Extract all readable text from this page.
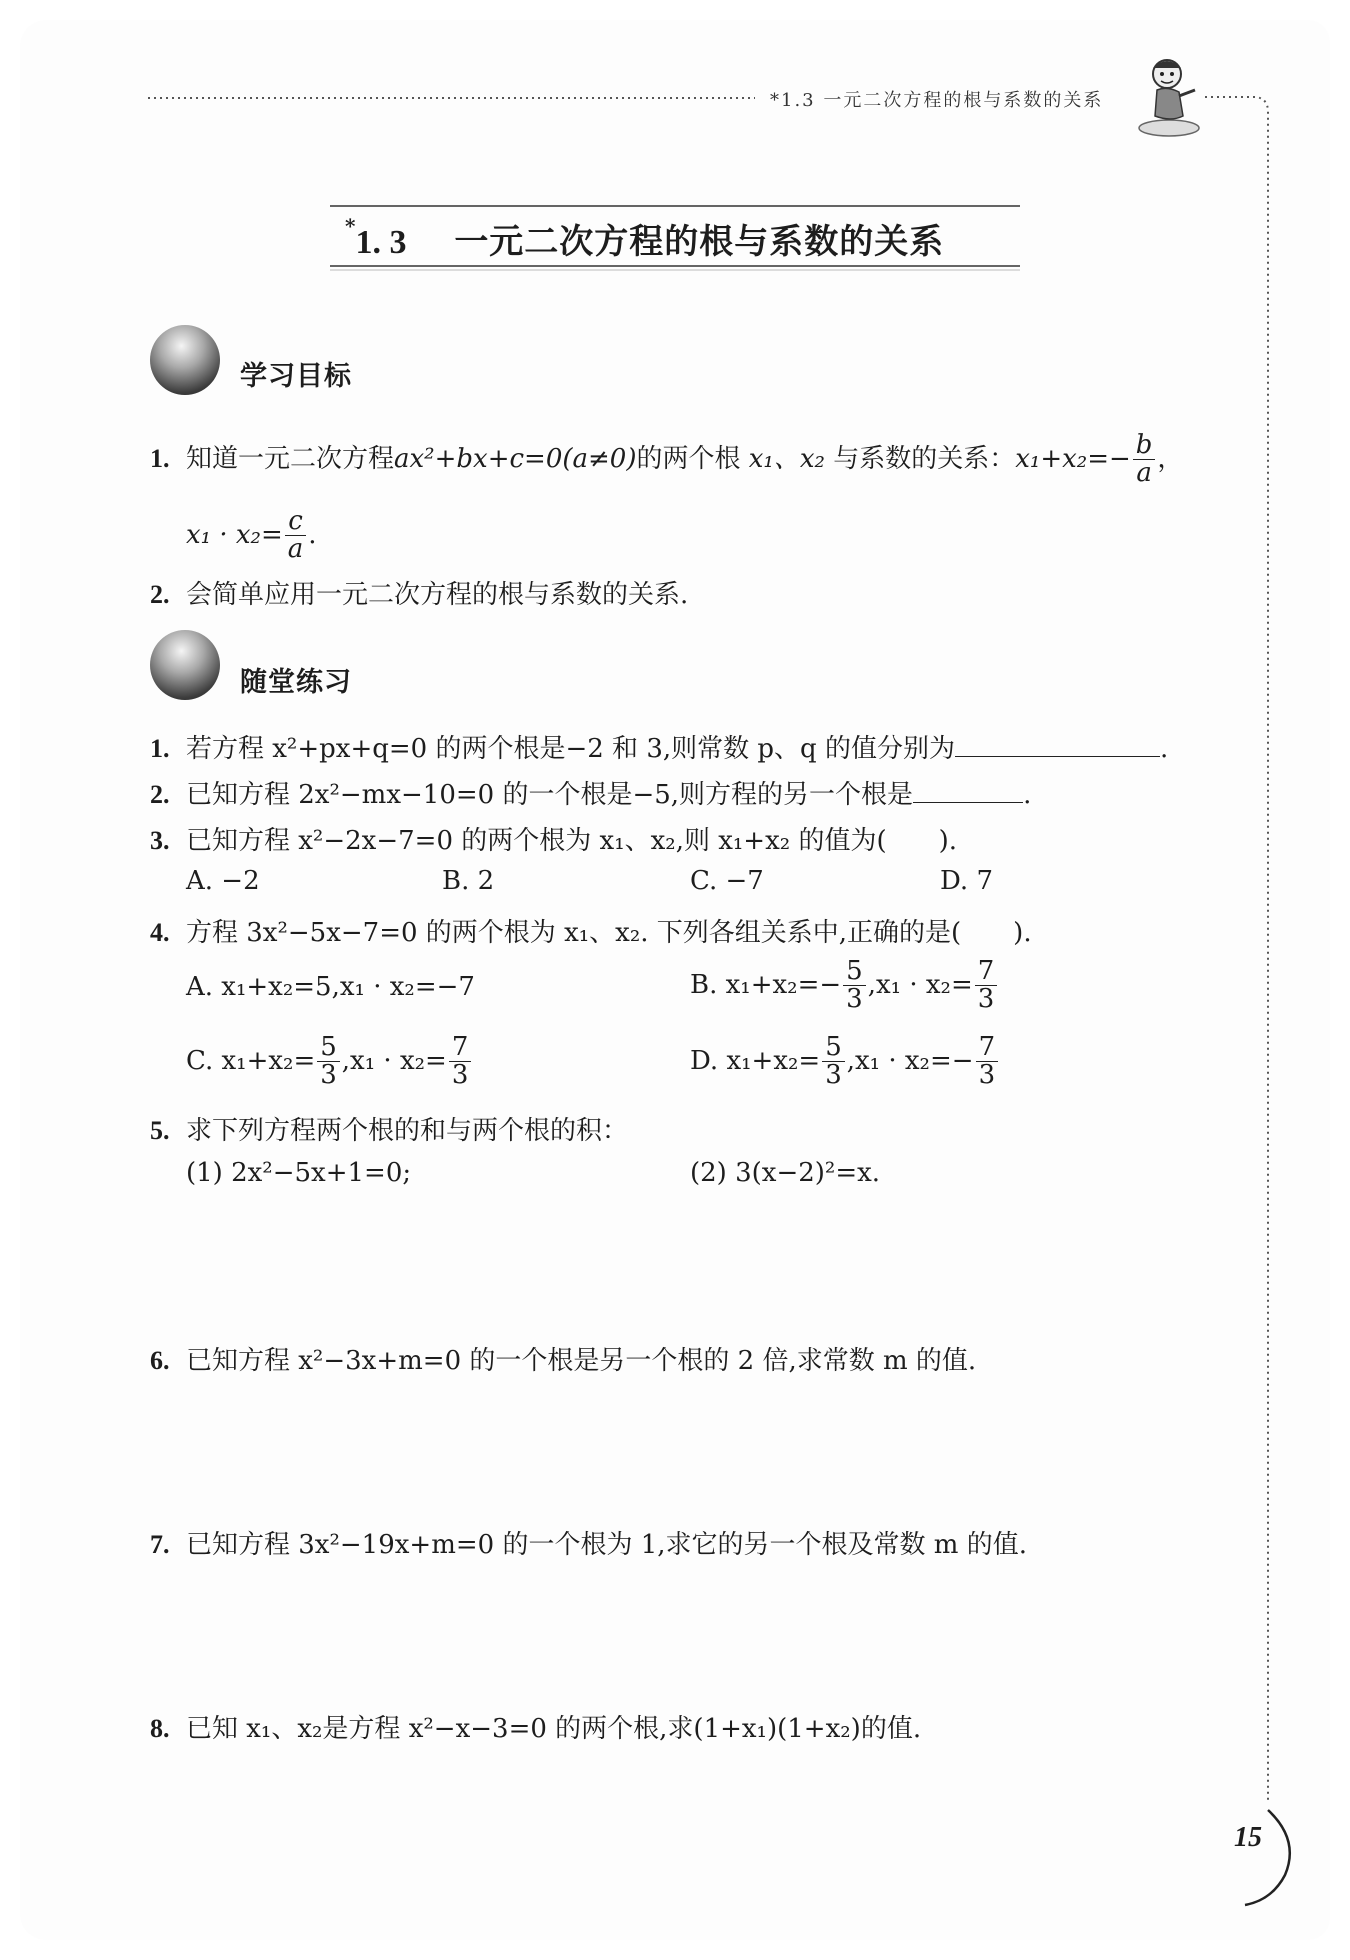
*1.3 一元二次方程的根与系数的关系
*1. 3 一元二次方程的根与系数的关系
学习目标
1. 知道一元二次方程ax²+bx+c=0(a≠0)的两个根 x₁、x₂ 与系数的关系：$x_1+x_2=- \frac{b}{a}$ ，
$x_1 \cdot x_2= \frac{c}{a}$ .
2. 会简单应用一元二次方程的根与系数的关系.
随堂练习
1. 若方程 x²+px+q=0 的两个根是−2 和 3,则常数 p、q 的值分别为	.
2. 已知方程 2x²−mx−10=0 的一个根是−5,则方程的另一个根是	.
3. 已知方程 x²−2x−7=0 的两个根为 x₁、x₂,则 x₁+x₂ 的值为(　　).
A. −2	B. 2	C. −7	D. 7
4. 方程 3x²−5x−7=0 的两个根为 x₁、x₂. 下列各组关系中,正确的是(　　).
A. x₁+x₂=5,x₁ · x₂=−7	B. $x_1+x_2=- \frac{5}{3} ,x_1 \cdot x_2= \frac{7}{3}$
C. $x_1+x_2= \frac{5}{3} ,x_1 \cdot x_2= \frac{7}{3}$	D. $x_1+x_2= \frac{5}{3} ,x_1 \cdot x_2=- \frac{7}{3}$
5. 求下列方程两个根的和与两个根的积：
(1) 2x²−5x+1=0;	(2) 3(x−2)²=x.
6. 已知方程 x²−3x+m=0 的一个根是另一个根的 2 倍,求常数 m 的值.
7. 已知方程 3x²−19x+m=0 的一个根为 1,求它的另一个根及常数 m 的值.
8. 已知 x₁、x₂是方程 x²−x−3=0 的两个根,求(1+x₁)(1+x₂)的值.
15
